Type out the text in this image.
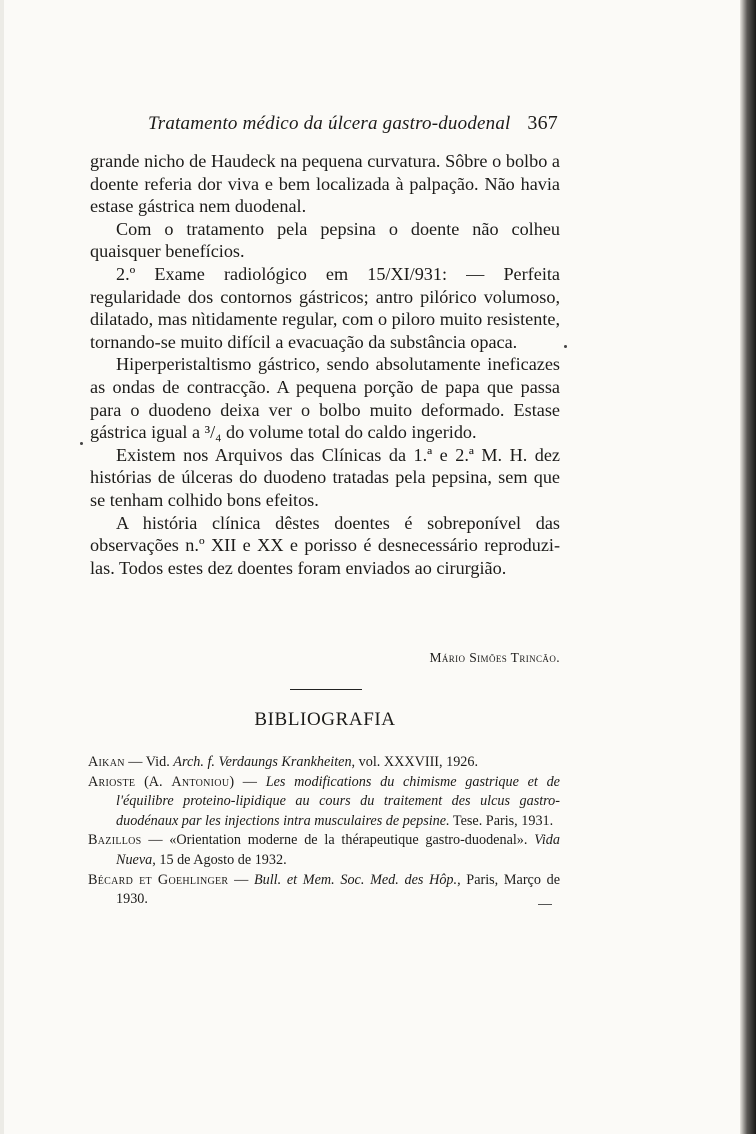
Tratamento médico da úlcera gastro-duodenal 367

grande nicho de Haudeck na pequena curvatura. Sôbre o bolbo a doente referia dor viva e bem localizada à palpação. Não havia estase gástrica nem duodenal.

Com o tratamento pela pepsina o doente não colheu quaisquer benefícios.

2.º Exame radiológico em 15/XI/931: — Perfeita regularidade dos contornos gástricos; antro pilórico volumoso, dilatado, mas nìtidamente regular, com o piloro muito resistente, tornando-se muito difícil a evacuação da substância opaca.

Hiperperistaltismo gástrico, sendo absolutamente ineficazes as ondas de contracção. A pequena porção de papa que passa para o duodeno deixa ver o bolbo muito deformado. Estase gástrica igual a ³/₄ do volume total do caldo ingerido.

Existem nos Arquivos das Clínicas da 1.ª e 2.ª M. H. dez histórias de úlceras do duodeno tratadas pela pepsina, sem que se tenham colhido bons efeitos.

A história clínica dêstes doentes é sobreponível das observações n.º XII e XX e porisso é desnecessário reproduzi-las. Todos estes dez doentes foram enviados ao cirurgião.

Mário Simões Trincão.
BIBLIOGRAFIA

Aikan — Vid. Arch. f. Verdaungs Krankheiten, vol. XXXVIII, 1926.

Arioste (A. Antoniou) — Les modifications du chimisme gastrique et de l'équilibre proteino-lipidique au cours du traitement des ulcus gastro-duodénaux par les injections intra musculaires de pepsine. Tese. Paris, 1931.

Bazillos — «Orientation moderne de la thérapeutique gastro-duodenal». Vida Nueva, 15 de Agosto de 1932.

Bécard et Goehlinger — Bull. et Mem. Soc. Med. des Hôp., Paris, Março de 1930.
